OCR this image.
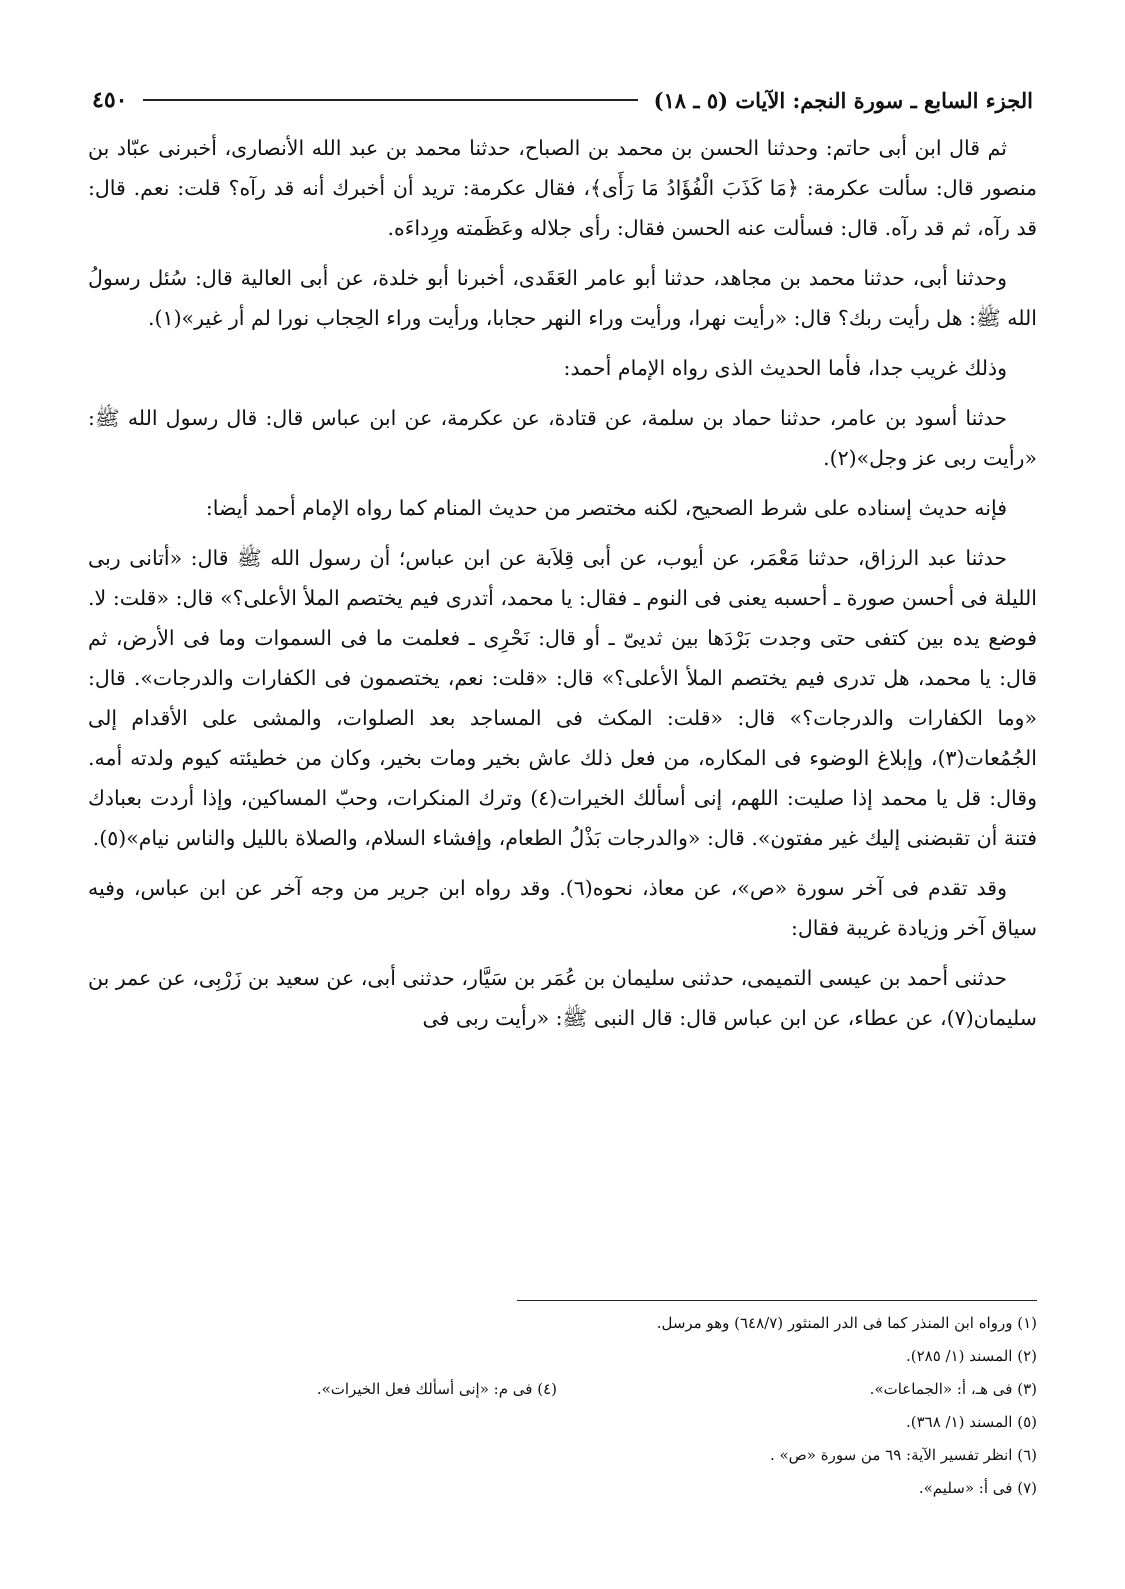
الجزء السابع ـ سورة النجم: الآيات (٥ ـ ١٨)
٤٥٠

ثم قال ابن أبى حاتم: وحدثنا الحسن بن محمد بن الصباح، حدثنا محمد بن عبد الله الأنصارى، أخبرنى عبّاد بن منصور قال: سألت عكرمة: ﴿مَا كَذَبَ الْفُؤَادُ مَا رَأَى﴾، فقال عكرمة: تريد أن أخبرك أنه قد رآه؟ قلت: نعم. قال: قد رآه، ثم قد رآه. قال: فسألت عنه الحسن فقال: رأى جلاله وعَظَمته ورِداءَه.

وحدثنا أبى، حدثنا محمد بن مجاهد، حدثنا أبو عامر العَقَدى، أخبرنا أبو خلدة، عن أبى العالية قال: سُئل رسولُ الله ﷺ: هل رأيت ربك؟ قال: «رأيت نهرا، ورأيت وراء النهر حجابا، ورأيت وراء الحِجاب نورا لم أر غير»(١).

وذلك غريب جدا، فأما الحديث الذى رواه الإمام أحمد:

حدثنا أسود بن عامر، حدثنا حماد بن سلمة، عن قتادة، عن عكرمة، عن ابن عباس قال: قال رسول الله ﷺ: «رأيت ربى عز وجل»(٢).

فإنه حديث إسناده على شرط الصحيح، لكنه مختصر من حديث المنام كما رواه الإمام أحمد أيضا:

حدثنا عبد الرزاق، حدثنا مَعْمَر، عن أيوب، عن أبى قِلاَبة عن ابن عباس؛ أن رسول الله ﷺ قال: «أتانى ربى الليلة فى أحسن صورة ـ أحسبه يعنى فى النوم ـ فقال: يا محمد، أتدرى فيم يختصم الملأ الأعلى؟» قال: «قلت: لا. فوضع يده بين كتفى حتى وجدت بَرْدَها بين ثديىّ ـ أو قال: نَحْرِى ـ فعلمت ما فى السموات وما فى الأرض، ثم قال: يا محمد، هل تدرى فيم يختصم الملأ الأعلى؟» قال: «قلت: نعم، يختصمون فى الكفارات والدرجات». قال: «وما الكفارات والدرجات؟» قال: «قلت: المكث فى المساجد بعد الصلوات، والمشى على الأقدام إلى الجُمُعات(٣)، وإبلاغ الوضوء فى المكاره، من فعل ذلك عاش بخير ومات بخير، وكان من خطيئته كيوم ولدته أمه. وقال: قل يا محمد إذا صليت: اللهم، إنى أسألك الخيرات(٤) وترك المنكرات، وحبّ المساكين، وإذا أردت بعبادك فتنة أن تقبضنى إليك غير مفتون». قال: «والدرجات بَذْلُ الطعام، وإفشاء السلام، والصلاة بالليل والناس نيام»(٥).

وقد تقدم فى آخر سورة «ص»، عن معاذ، نحوه(٦). وقد رواه ابن جرير من وجه آخر عن ابن عباس، وفيه سياق آخر وزيادة غريبة فقال:

حدثنى أحمد بن عيسى التميمى، حدثنى سليمان بن عُمَر بن سَيَّار، حدثنى أبى، عن سعيد بن زَرْبِى، عن عمر بن سليمان(٧)، عن عطاء، عن ابن عباس قال: قال النبى ﷺ: «رأيت ربى فى

(١) ورواه ابن المنذر كما فى الدر المنثور (٦٤٨/٧) وهو مرسل.
(٢) المسند (١/ ٢٨٥).
(٣) فى هـ، أ: «الجماعات».
(٤) فى م: «إنى أسألك فعل الخيرات».
(٥) المسند (١/ ٣٦٨).
(٦) انظر تفسير الآية: ٦٩ من سورة «ص» .
(٧) فى أ: «سليم».
